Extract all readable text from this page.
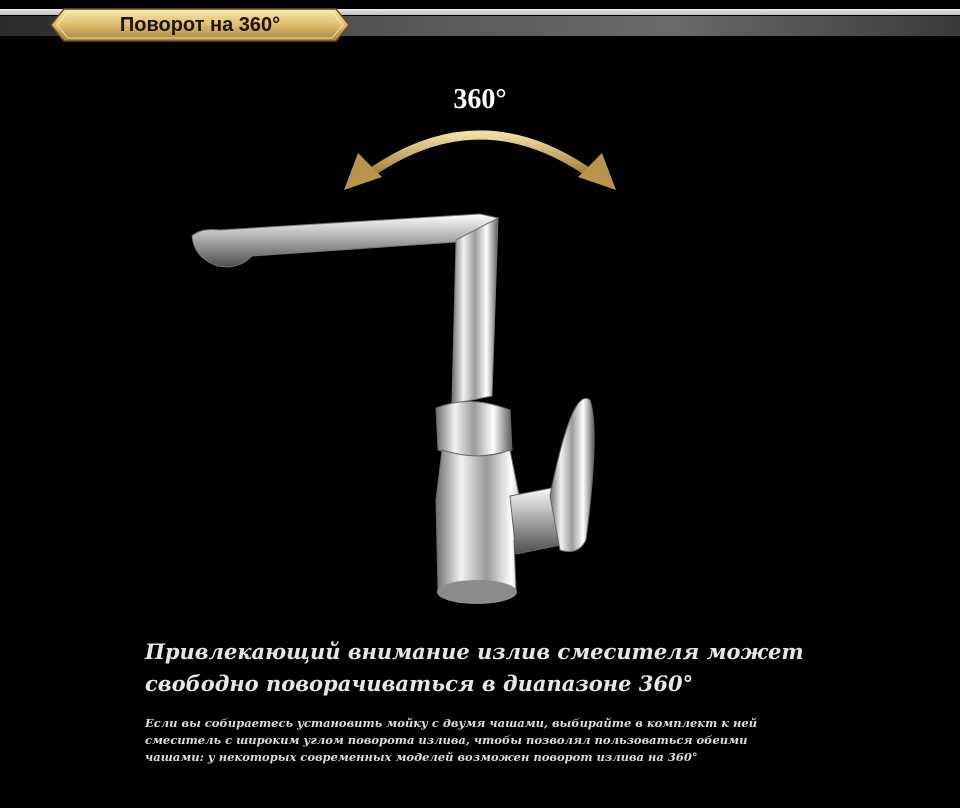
Поворот на 360°
360°
Привлекающий внимание излив смесителя может
свободно поворачиваться в диапазоне 360°
Если вы собираетесь установить мойку с двумя чашами, выбирайте в комплект к ней
смеситель с широким углом поворота излива, чтобы позволял пользоваться обеими
чашами: у некоторых современных моделей возможен поворот излива на 360°
